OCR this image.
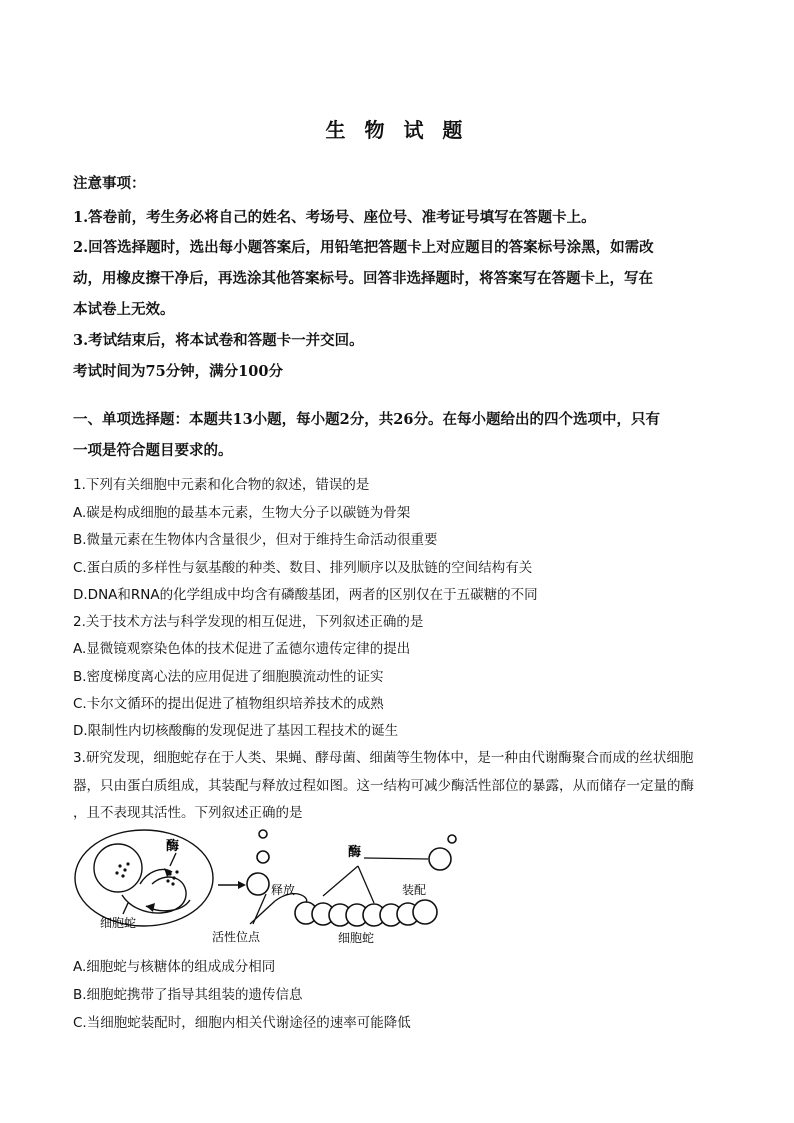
生 物 试 题
注意事项：
1.答卷前，考生务必将自己的姓名、考场号、座位号、准考证号填写在答题卡上。
2.回答选择题时，选出每小题答案后，用铅笔把答题卡上对应题目的答案标号涂黑，如需改
动，用橡皮擦干净后，再选涂其他答案标号。回答非选择题时，将答案写在答题卡上，写在
本试卷上无效。
3.考试结束后，将本试卷和答题卡一并交回。
考试时间为75分钟，满分100分
一、单项选择题：本题共13小题，每小题2分，共26分。在每小题给出的四个选项中，只有
一项是符合题目要求的。
1.下列有关细胞中元素和化合物的叙述，错误的是
A.碳是构成细胞的最基本元素，生物大分子以碳链为骨架
B.微量元素在生物体内含量很少，但对于维持生命活动很重要
C.蛋白质的多样性与氨基酸的种类、数目、排列顺序以及肽链的空间结构有关
D.DNA和RNA的化学组成中均含有磷酸基团，两者的区别仅在于五碳糖的不同
2.关于技术方法与科学发现的相互促进，下列叙述正确的是
A.显微镜观察染色体的技术促进了孟德尔遗传定律的提出
B.密度梯度离心法的应用促进了细胞膜流动性的证实
C.卡尔文循环的提出促进了植物组织培养技术的成熟
D.限制性内切核酸酶的发现促进了基因工程技术的诞生
3.研究发现，细胞蛇存在于人类、果蝇、酵母菌、细菌等生物体中，是一种由代谢酶聚合而成的丝状细胞
器，只由蛋白质组成，其装配与释放过程如图。这一结构可减少酶活性部位的暴露，从而储存一定量的酶
，且不表现其活性。下列叙述正确的是
酶
细胞蛇
酶
释放	装配
活性位点	细胞蛇
A.细胞蛇与核糖体的组成成分相同
B.细胞蛇携带了指导其组装的遗传信息
C.当细胞蛇装配时，细胞内相关代谢途径的速率可能降低
